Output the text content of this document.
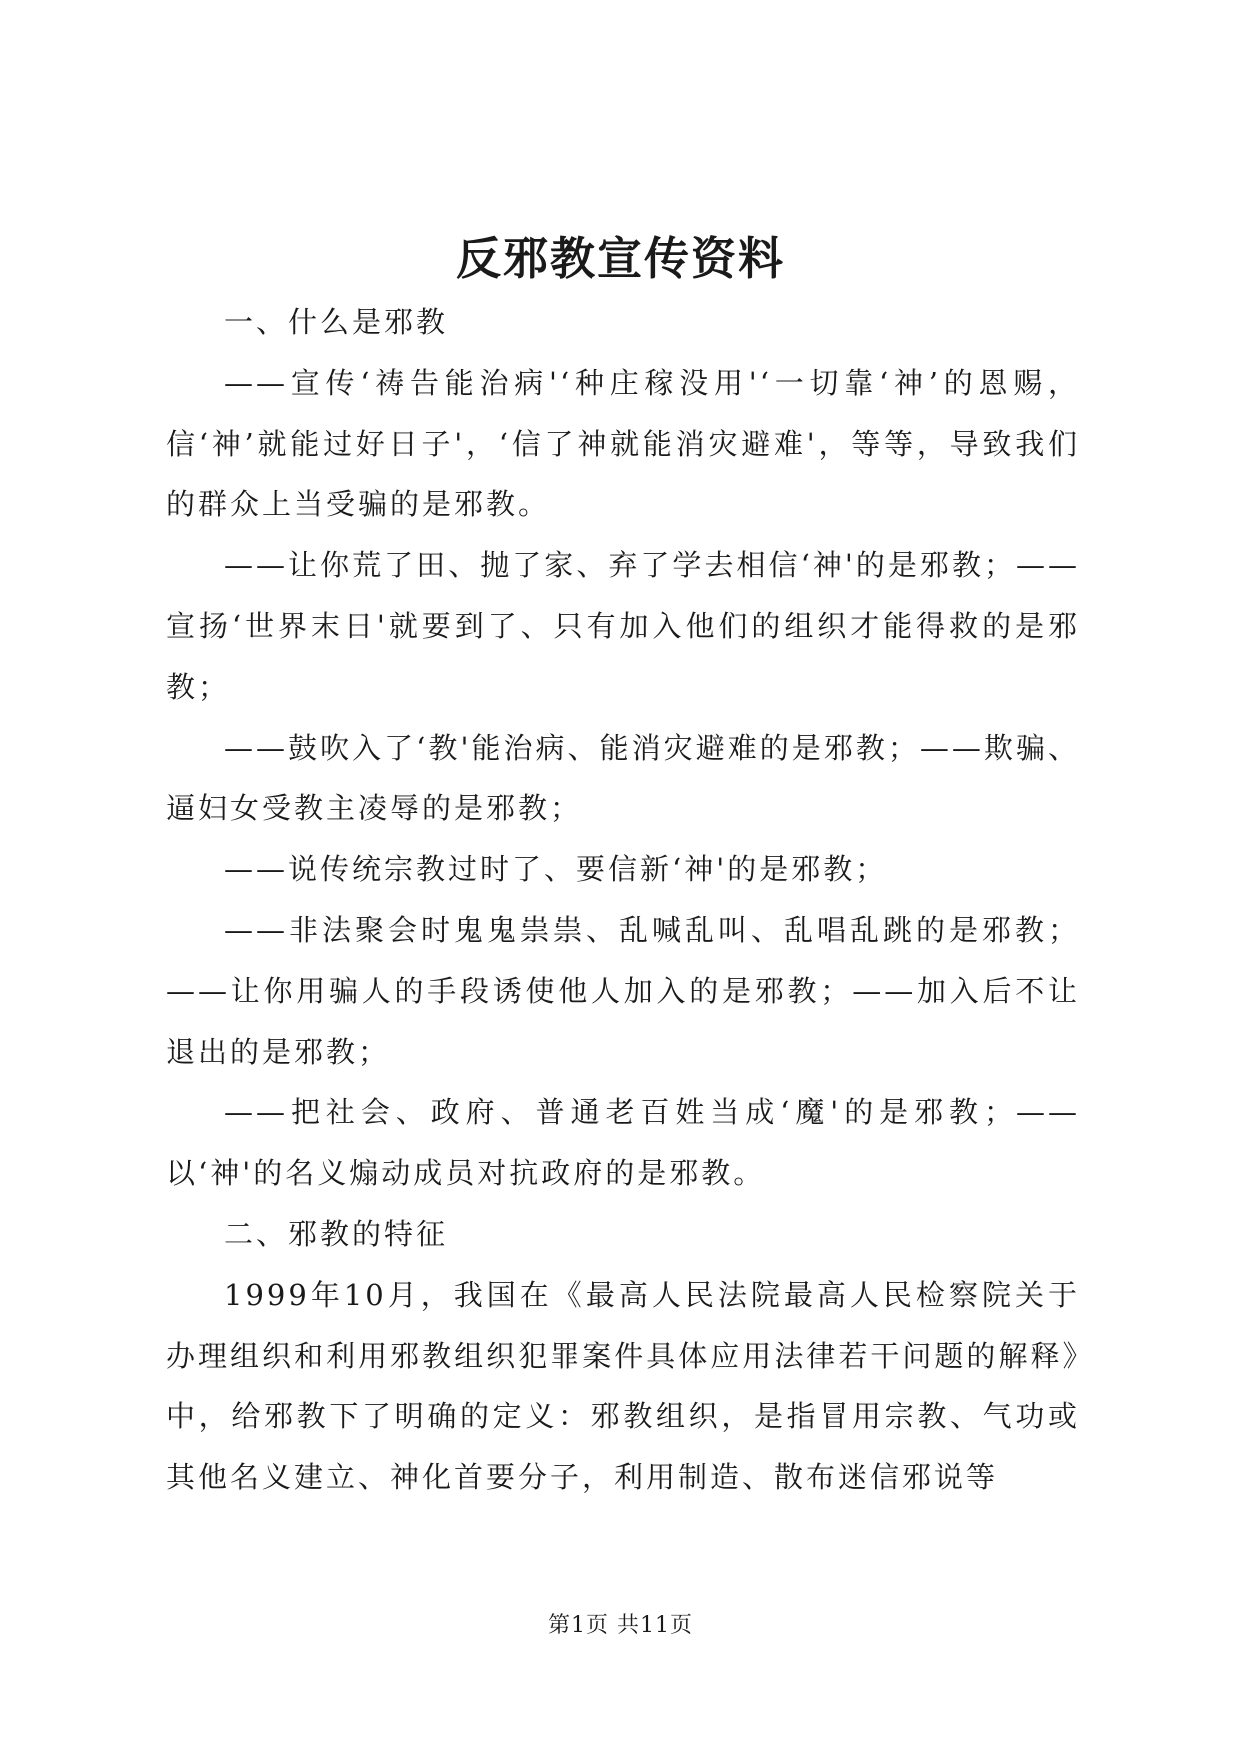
反邪教宣传资料

一、什么是邪教

——宣传‘祷告能治病'‘种庄稼没用'‘一切靠‘神’的恩赐，信‘神’就能过好日子'，‘信了神就能消灾避难'，等等，导致我们的群众上当受骗的是邪教。

——让你荒了田、抛了家、弃了学去相信‘神'的是邪教；——宣扬‘世界末日'就要到了、只有加入他们的组织才能得救的是邪教；

——鼓吹入了‘教'能治病、能消灾避难的是邪教；——欺骗、逼妇女受教主凌辱的是邪教；

——说传统宗教过时了、要信新‘神'的是邪教；

——非法聚会时鬼鬼祟祟、乱喊乱叫、乱唱乱跳的是邪教；——让你用骗人的手段诱使他人加入的是邪教；——加入后不让退出的是邪教；

——把社会、政府、普通老百姓当成‘魔'的是邪教；——以‘神'的名义煽动成员对抗政府的是邪教。

二、邪教的特征

1999年10月，我国在《最高人民法院最高人民检察院关于办理组织和利用邪教组织犯罪案件具体应用法律若干问题的解释》中，给邪教下了明确的定义：邪教组织，是指冒用宗教、气功或其他名义建立、神化首要分子，利用制造、散布迷信邪说等

第1页 共11页
